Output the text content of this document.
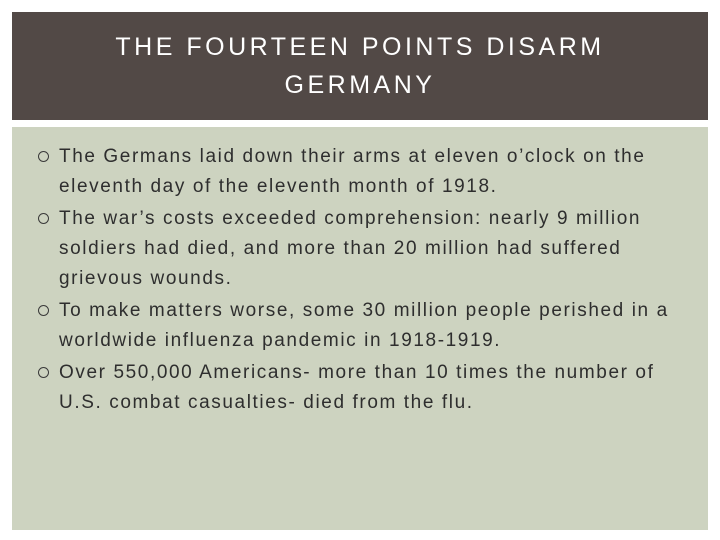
THE FOURTEEN POINTS DISARM GERMANY
The Germans laid down their arms at eleven o’clock on the eleventh day of the eleventh month of 1918.
The war’s costs exceeded comprehension: nearly 9 million soldiers had died, and more than 20 million had suffered grievous wounds.
To make matters worse, some 30 million people perished in a worldwide influenza pandemic in 1918-1919.
Over 550,000 Americans- more than 10 times the number of U.S. combat casualties- died from the flu.
